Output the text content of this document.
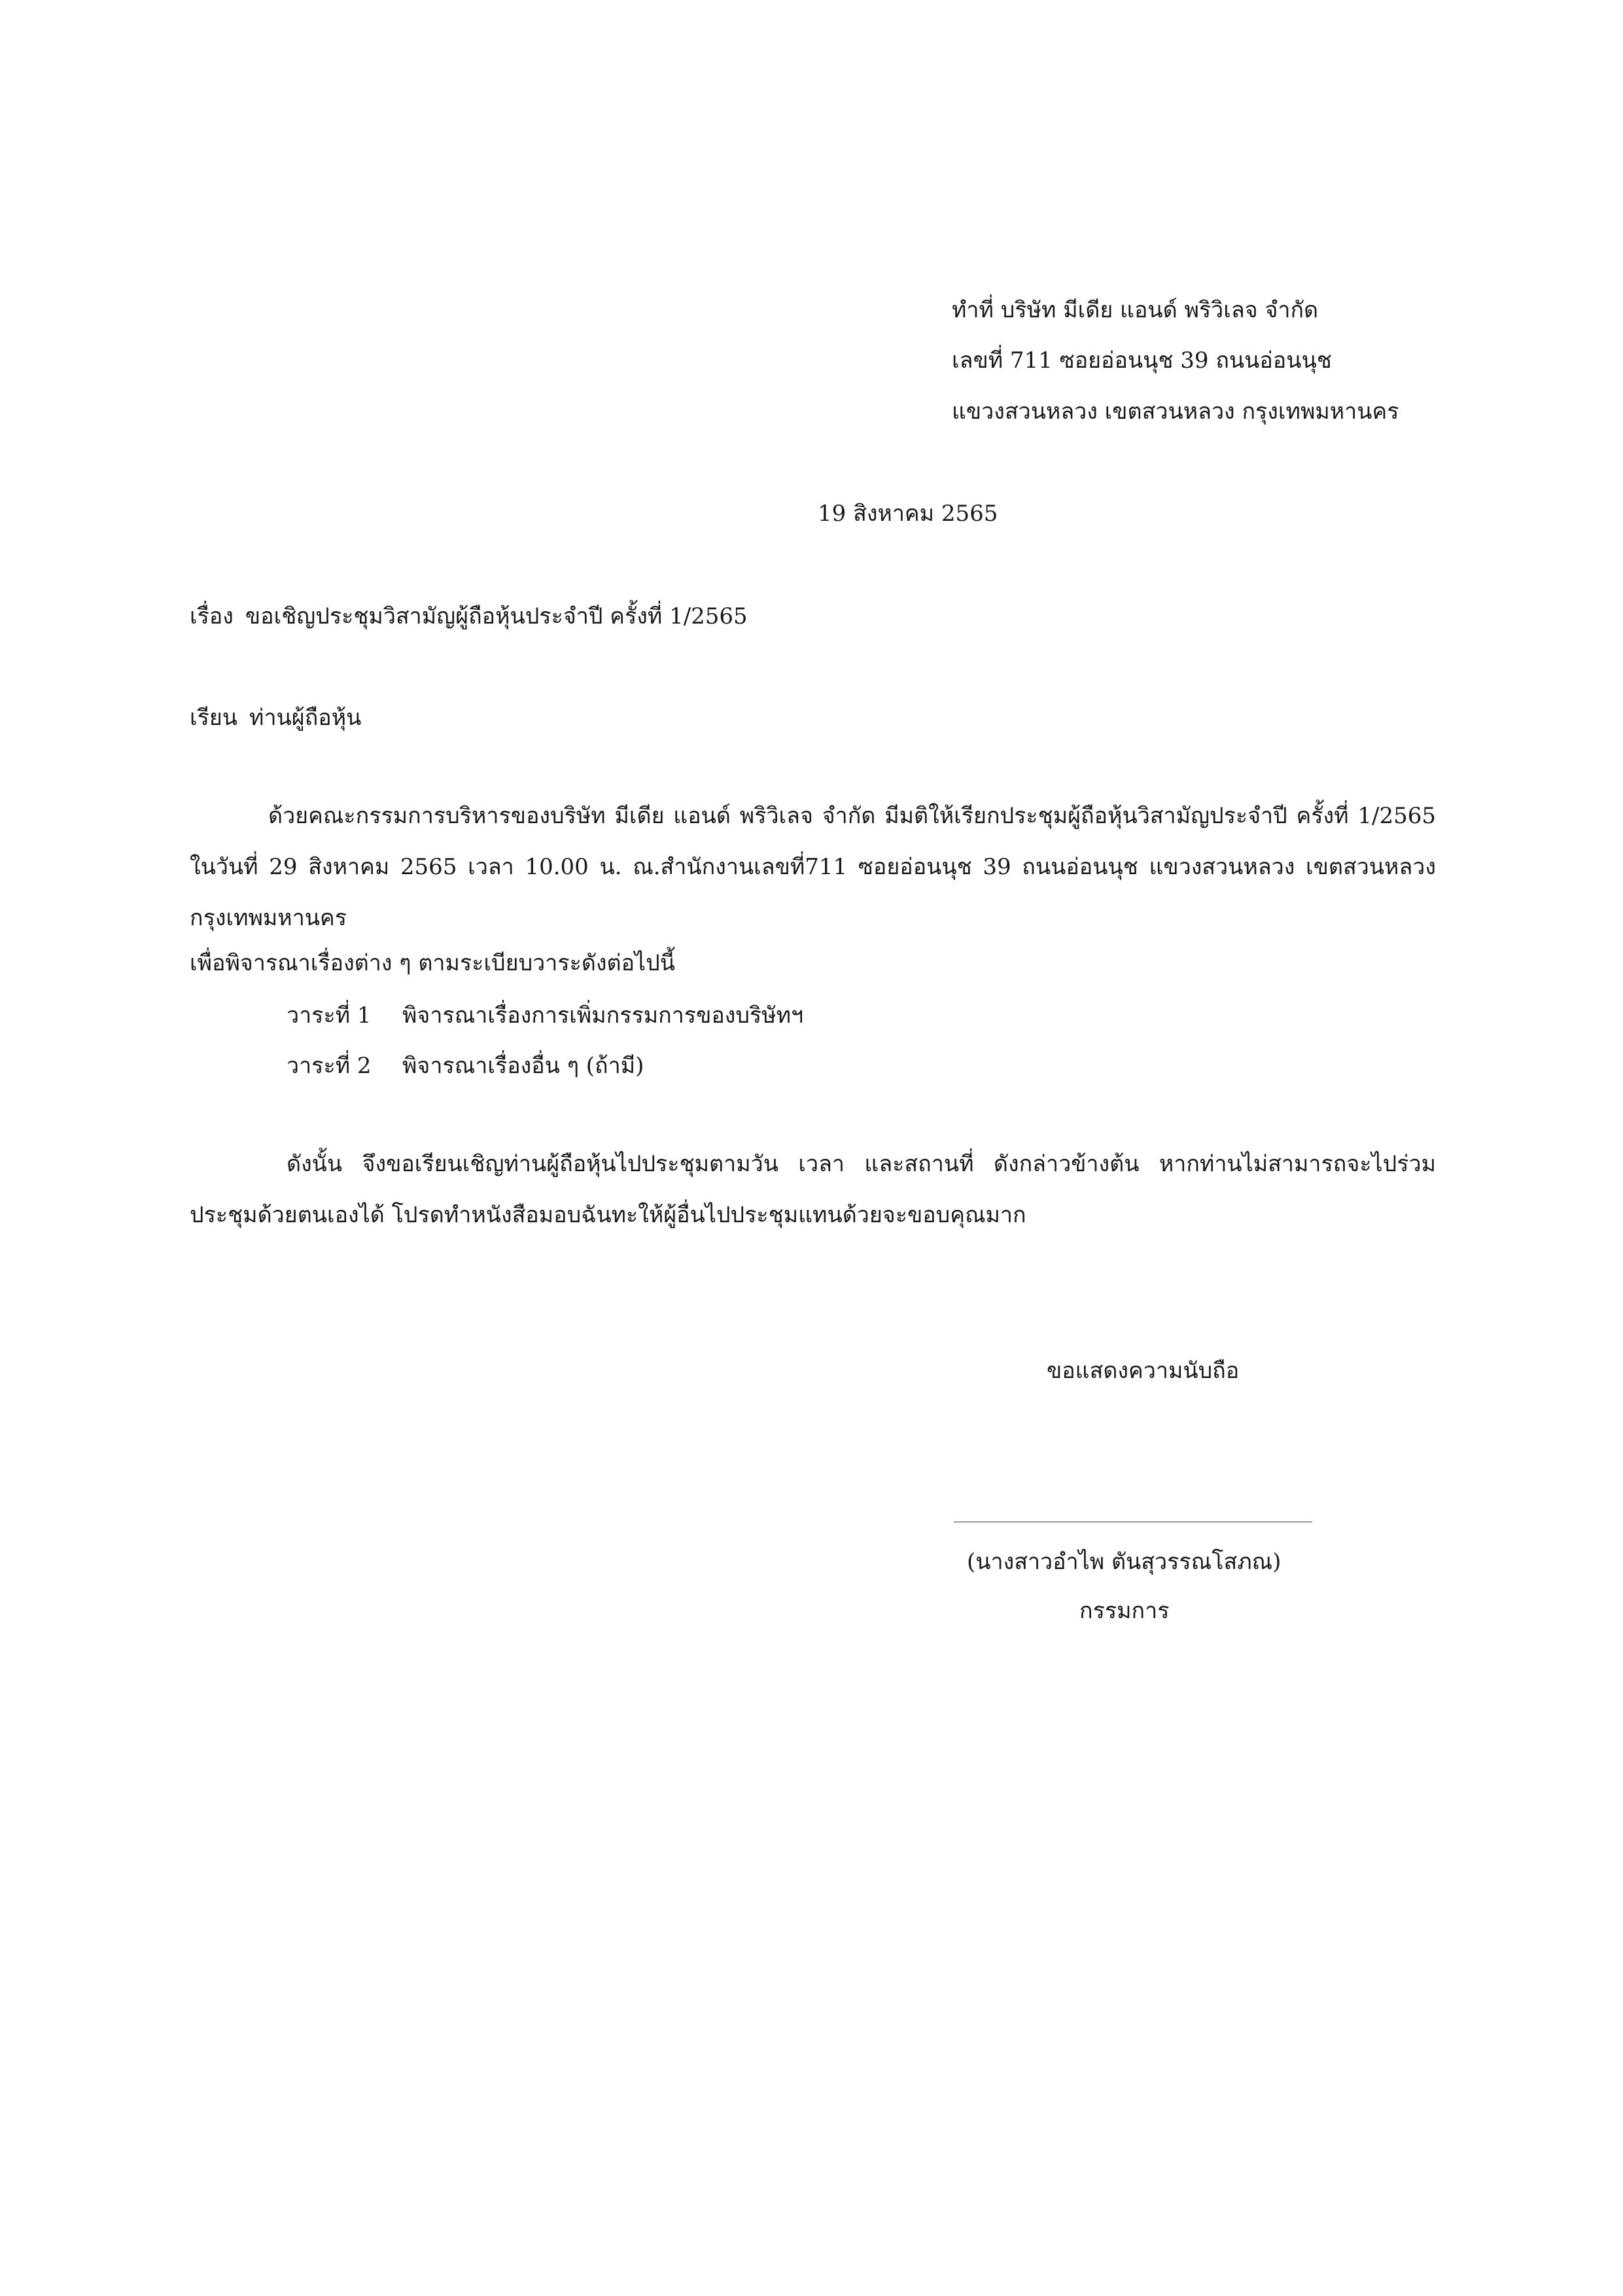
ทำที่ บริษัท มีเดีย แอนด์ พริวิเลจ จำกัด
เลขที่ 711 ซอยอ่อนนุช 39 ถนนอ่อนนุช
แขวงสวนหลวง เขตสวนหลวง กรุงเทพมหานคร
19 สิงหาคม 2565
เรื่อง ขอเชิญประชุมวิสามัญผู้ถือหุ้นประจำปี ครั้งที่ 1/2565
เรียน ท่านผู้ถือหุ้น
ด้วยคณะกรรมการบริหารของบริษัท มีเดีย แอนด์ พริวิเลจ จำกัด มีมติให้เรียกประชุมผู้ถือหุ้นวิสามัญประจำปี ครั้งที่ 1/2565 ในวันที่ 29 สิงหาคม 2565 เวลา 10.00 น. ณ.สำนักงานเลขที่711 ซอยอ่อนนุช 39 ถนนอ่อนนุช แขวงสวนหลวง เขตสวนหลวง กรุงเทพมหานคร
เพื่อพิจารณาเรื่องต่าง ๆ ตามระเบียบวาระดังต่อไปนี้
วาระที่ 1 พิจารณาเรื่องการเพิ่มกรรมการของบริษัทฯ
วาระที่ 2 พิจารณาเรื่องอื่น ๆ (ถ้ามี)
ดังนั้น จึงขอเรียนเชิญท่านผู้ถือหุ้นไปประชุมตามวัน เวลา และสถานที่ ดังกล่าวข้างต้น หากท่านไม่สามารถจะไปร่วมประชุมด้วยตนเองได้ โปรดทำหนังสือมอบฉันทะให้ผู้อื่นไปประชุมแทนด้วยจะขอบคุณมาก
ขอแสดงความนับถือ
(นางสาวอำไพ ตันสุวรรณโสภณ)
กรรมการ
